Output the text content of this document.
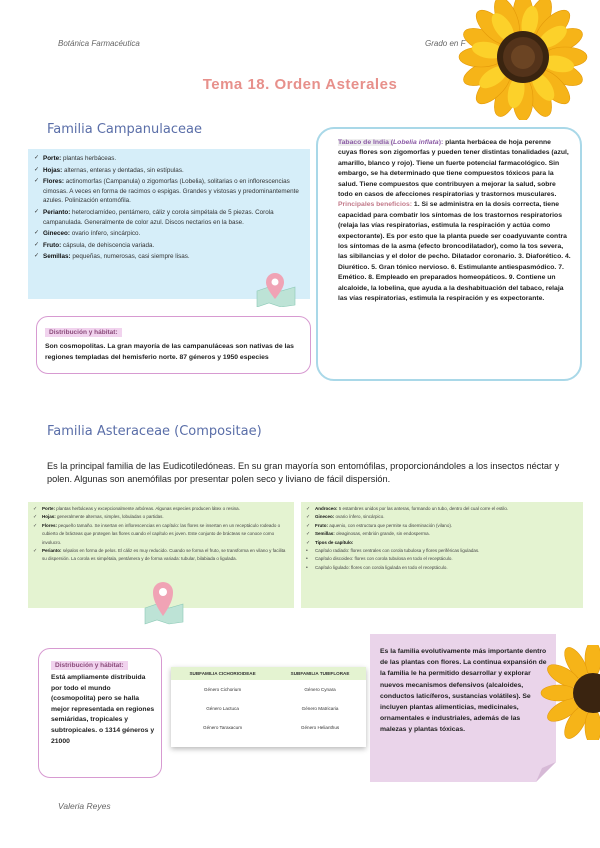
Botánica Farmacéutica	Grado en F
Tema 18. Orden Asterales
Familia Campanulaceae
✓ Porte: plantas herbáceas.
✓ Hojas: alternas, enteras y dentadas, sin estípulas.
✓ Flores: actinomorfas (Campanula) o zigomorfas (Lobelia), solitarias o en inflorescencias cimosas. A veces en forma de racimos o espigas. Grandes y vistosas y predominantemente azules. Polinización entomófila.
✓ Perianto: heteroclamídeo, pentámero, cáliz y corola simpétala de 5 piezas. Corola campanulada. Generalmente de color azul. Discos nectarios en la base.
✓ Gineceo: ovario ínfero, sincárpico.
✓ Fruto: cápsula, de dehiscencia variada.
✓ Semillas: pequeñas, numerosas, casi siempre lisas.
Distribución y hábitat:
Son cosmopolitas. La gran mayoría de las campanuláceas son nativas de las regiones templadas del hemisferio norte. 87 géneros y 1950 especies

Tabaco de India (Lobelia inflata): planta herbácea de hoja perenne cuyas flores son zigomorfas y pueden tener distintas tonalidades (azul, amarillo, blanco y rojo). Tiene un fuerte potencial farmacológico. Sin embargo, se ha determinado que tiene compuestos tóxicos para la salud. Tiene compuestos que contribuyen a mejorar la salud, sobre todo en casos de afecciones respiratorias y trastornos musculares.

Principales beneficios: 1. Si se administra en la dosis correcta, tiene capacidad para combatir los síntomas de los trastornos respiratorios (relaja las vías respiratorias, estimula la respiración y actúa como expectorante). Es por esto que la planta puede ser coadyuvante contra los síntomas de la asma (efecto broncodilatador), como la tos severa, las sibilancias y el dolor de pecho. Dilatador coronario. 3. Diaforético. 4. Diurético. 5. Gran tónico nervioso. 6. Estimulante antiespasmódico. 7. Emético. 8. Empleado en preparados homeopáticos. 9. Contiene un alcaloide, la lobelina, que ayuda a la deshabituación del tabaco, relaja las vías respiratorias, estimula la respiración y es expectorante.

Familia Asteraceae (Compositae)
Es la principal familia de las Eudicotiledóneas. En su gran mayoría son entomófilas, proporcionándoles a los insectos néctar y polen. Algunas son anemófilas por presentar polen seco y liviano de fácil dispersión.
✓ Porte: plantas herbáceas y excepcionalmente arbóreas. Algunas especies producen látex o resina.
✓ Hojas: generalmente alternas, simples, lobuladas o partidas.
✓ Flores: pequeño tamaño. Se insertan en inflorescencias en capítulo: las flores se insertan en un receptáculo rodeado o cubierto de brácteas que protegen las flores cuando el capítulo es joven. Este conjunto de brácteas se conoce como involucro.
✓ Perianto: sépalos en forma de pelos. El cáliz es muy reducido. Cuando se forma el fruto, se transforma en vilano y facilita su dispersión. La corola es simpétala, pentámera y de forma variada: tubular, bilabiada o ligulada.
✓ Androceo: 5 estambres unidos por las anteras, formando un tubo, dentro del cual corre el estilo.
✓ Gineceo: ovario ínfero, sincárpico.
✓ Fruto: aquenio, con estructura que permite su diseminación (vilano).
✓ Semillas: oleaginosas, embrión grande, sin endosperma.
✓ Tipos de capítulo:
• Capítulo radiado: flores centrales con corola tubulosa y flores periféricas liguladas.
• Capítulo discoideo: flores con corola tubulosa en todo el receptáculo.
• Capítulo ligulado: flores con corola ligulada en todo el receptáculo.
Distribución y hábitat:
Está ampliamente distribuida por todo el mundo (cosmopolita) pero se halla mejor representada en regiones semiáridas, tropicales y subtropicales. o 1314 géneros y 21000
SUBFAMILIA CICHORIOIDEAE	SUBFAMILIA TUBIFLORAE
Género Cichorium	Género Cynara
Género Lactuca	Género Matricaria
Género Taraxacum	Género Helianthus
Es la familia evolutivamente más importante dentro de las plantas con flores. La continua expansión de la familia le ha permitido desarrollar y explorar nuevos mecanismos defensivos (alcaloides, conductos laticíferos, sustancias volátiles). Se incluyen plantas alimenticias, medicinales, ornamentales e industriales, además de las malezas y plantas tóxicas.
Valeria Reyes
